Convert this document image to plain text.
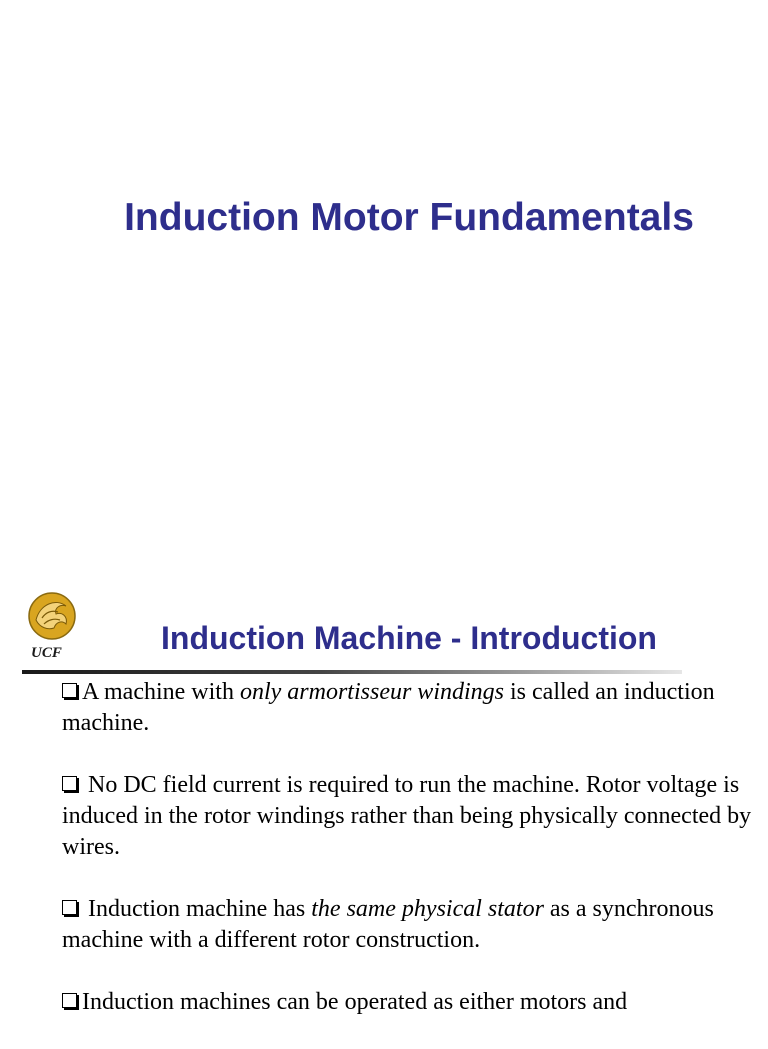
Induction Motor Fundamentals
UCF	Induction Machine - Introduction

A machine with only armortisseur windings is called an induction machine.

No DC field current is required to run the machine. Rotor voltage is induced in the rotor windings rather than being physically connected by wires.

Induction machine has the same physical stator as a synchronous machine with a different rotor construction.

Induction machines can be operated as either motors and
